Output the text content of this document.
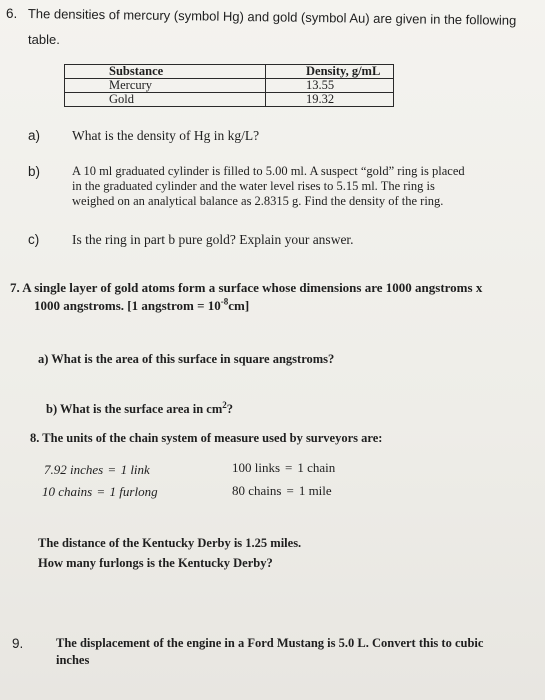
6. The densities of mercury (symbol Hg) and gold (symbol Au) are given in the following
table.
Substance	Density, g/mL
Mercury	13.55
Gold	19.32
a) What is the density of Hg in kg/L?
b)	A 10 ml graduated cylinder is filled to 5.00 ml. A suspect “gold” ring is placed
in the graduated cylinder and the water level rises to 5.15 ml. The ring is
weighed on an analytical balance as 2.8315 g. Find the density of the ring.
c) Is the ring in part b pure gold? Explain your answer.
7. A single layer of gold atoms form a surface whose dimensions are 1000 angstroms x
1000 angstroms. [1 angstrom = $10^{-8}cm$]
a) What is the area of this surface in square angstroms?
b) What is the surface area in $cm^2$?
8. The units of the chain system of measure used by surveyors are:
7.92 inches = 1 link	100 links = 1 chain
10 chains = 1 furlong	80 chains = 1 mile
The distance of the Kentucky Derby is 1.25 miles.
How many furlongs is the Kentucky Derby?
9.	The displacement of the engine in a Ford Mustang is 5.0 L. Convert this to cubic
inches
